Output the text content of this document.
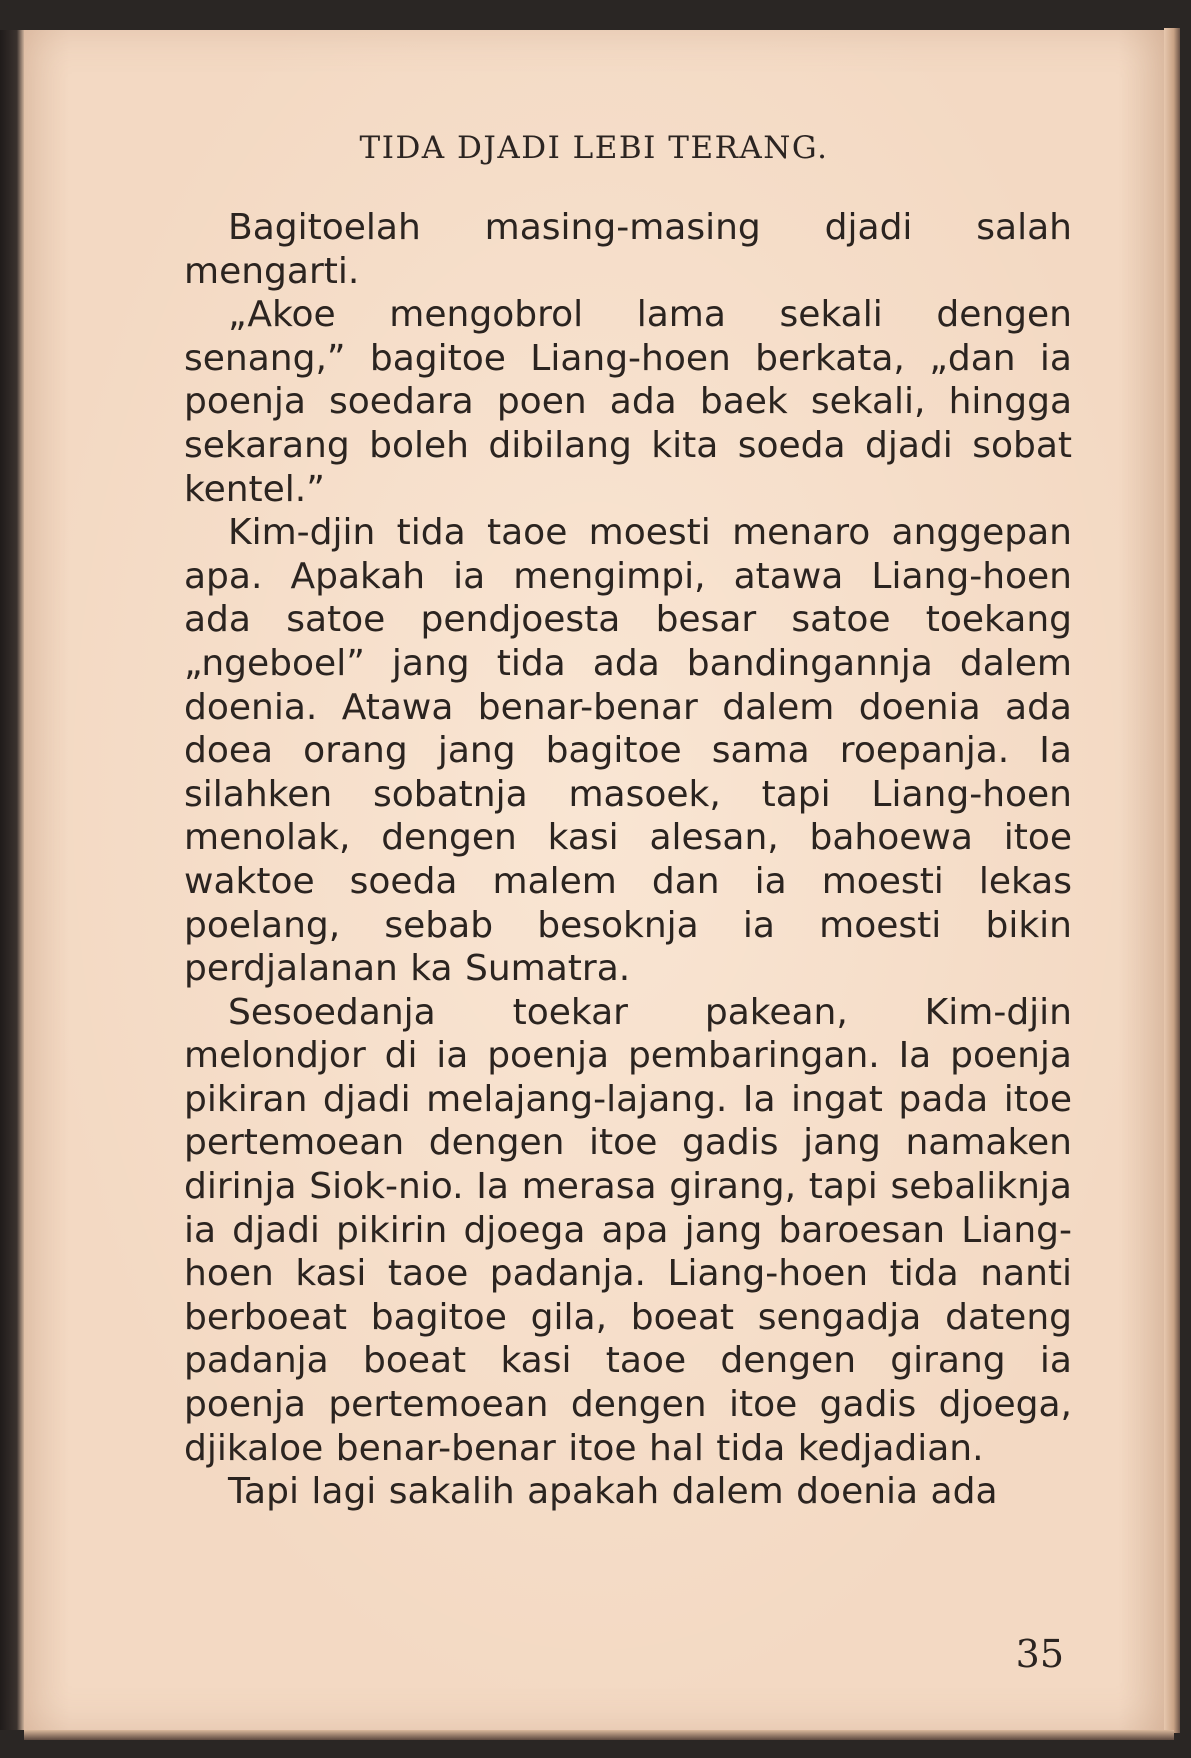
TIDA DJADI LEBI TERANG.

Bagitoelah masing-masing djadi salah mengarti.

„Akoe mengobrol lama sekali dengen senang,” bagitoe Liang-hoen berkata, „dan ia poenja soedara poen ada baek sekali, hingga sekarang boleh dibilang kita soeda djadi sobat kentel.”

Kim-djin tida taoe moesti menaro anggepan apa. Apakah ia mengimpi, atawa Liang-hoen ada satoe pendjoesta besar satoe toekang „ngeboel” jang tida ada bandingannja dalem doenia. Atawa benar-benar dalem doenia ada doea orang jang bagitoe sama roepanja. Ia silahken sobatnja masoek, tapi Liang-hoen menolak, dengen kasi alesan, bahoewa itoe waktoe soeda malem dan ia moesti lekas poelang, sebab besoknja ia moesti bikin perdjalanan ka Sumatra.

Sesoedanja toekar pakean, Kim-djin melondjor di ia poenja pembaringan. Ia poenja pikiran djadi melajang-lajang. Ia ingat pada itoe pertemoean dengen itoe gadis jang namaken dirinja Siok-nio. Ia merasa girang, tapi sebaliknja ia djadi pikirin djoega apa jang baroesan Liang-hoen kasi taoe padanja. Liang-hoen tida nanti berboeat bagitoe gila, boeat sengadja dateng padanja boeat kasi taoe dengen girang ia poenja pertemoean dengen itoe gadis djoega, djikaloe benar-benar itoe hal tida kedjadian.

Tapi lagi sakalih apakah dalem doenia ada

35
